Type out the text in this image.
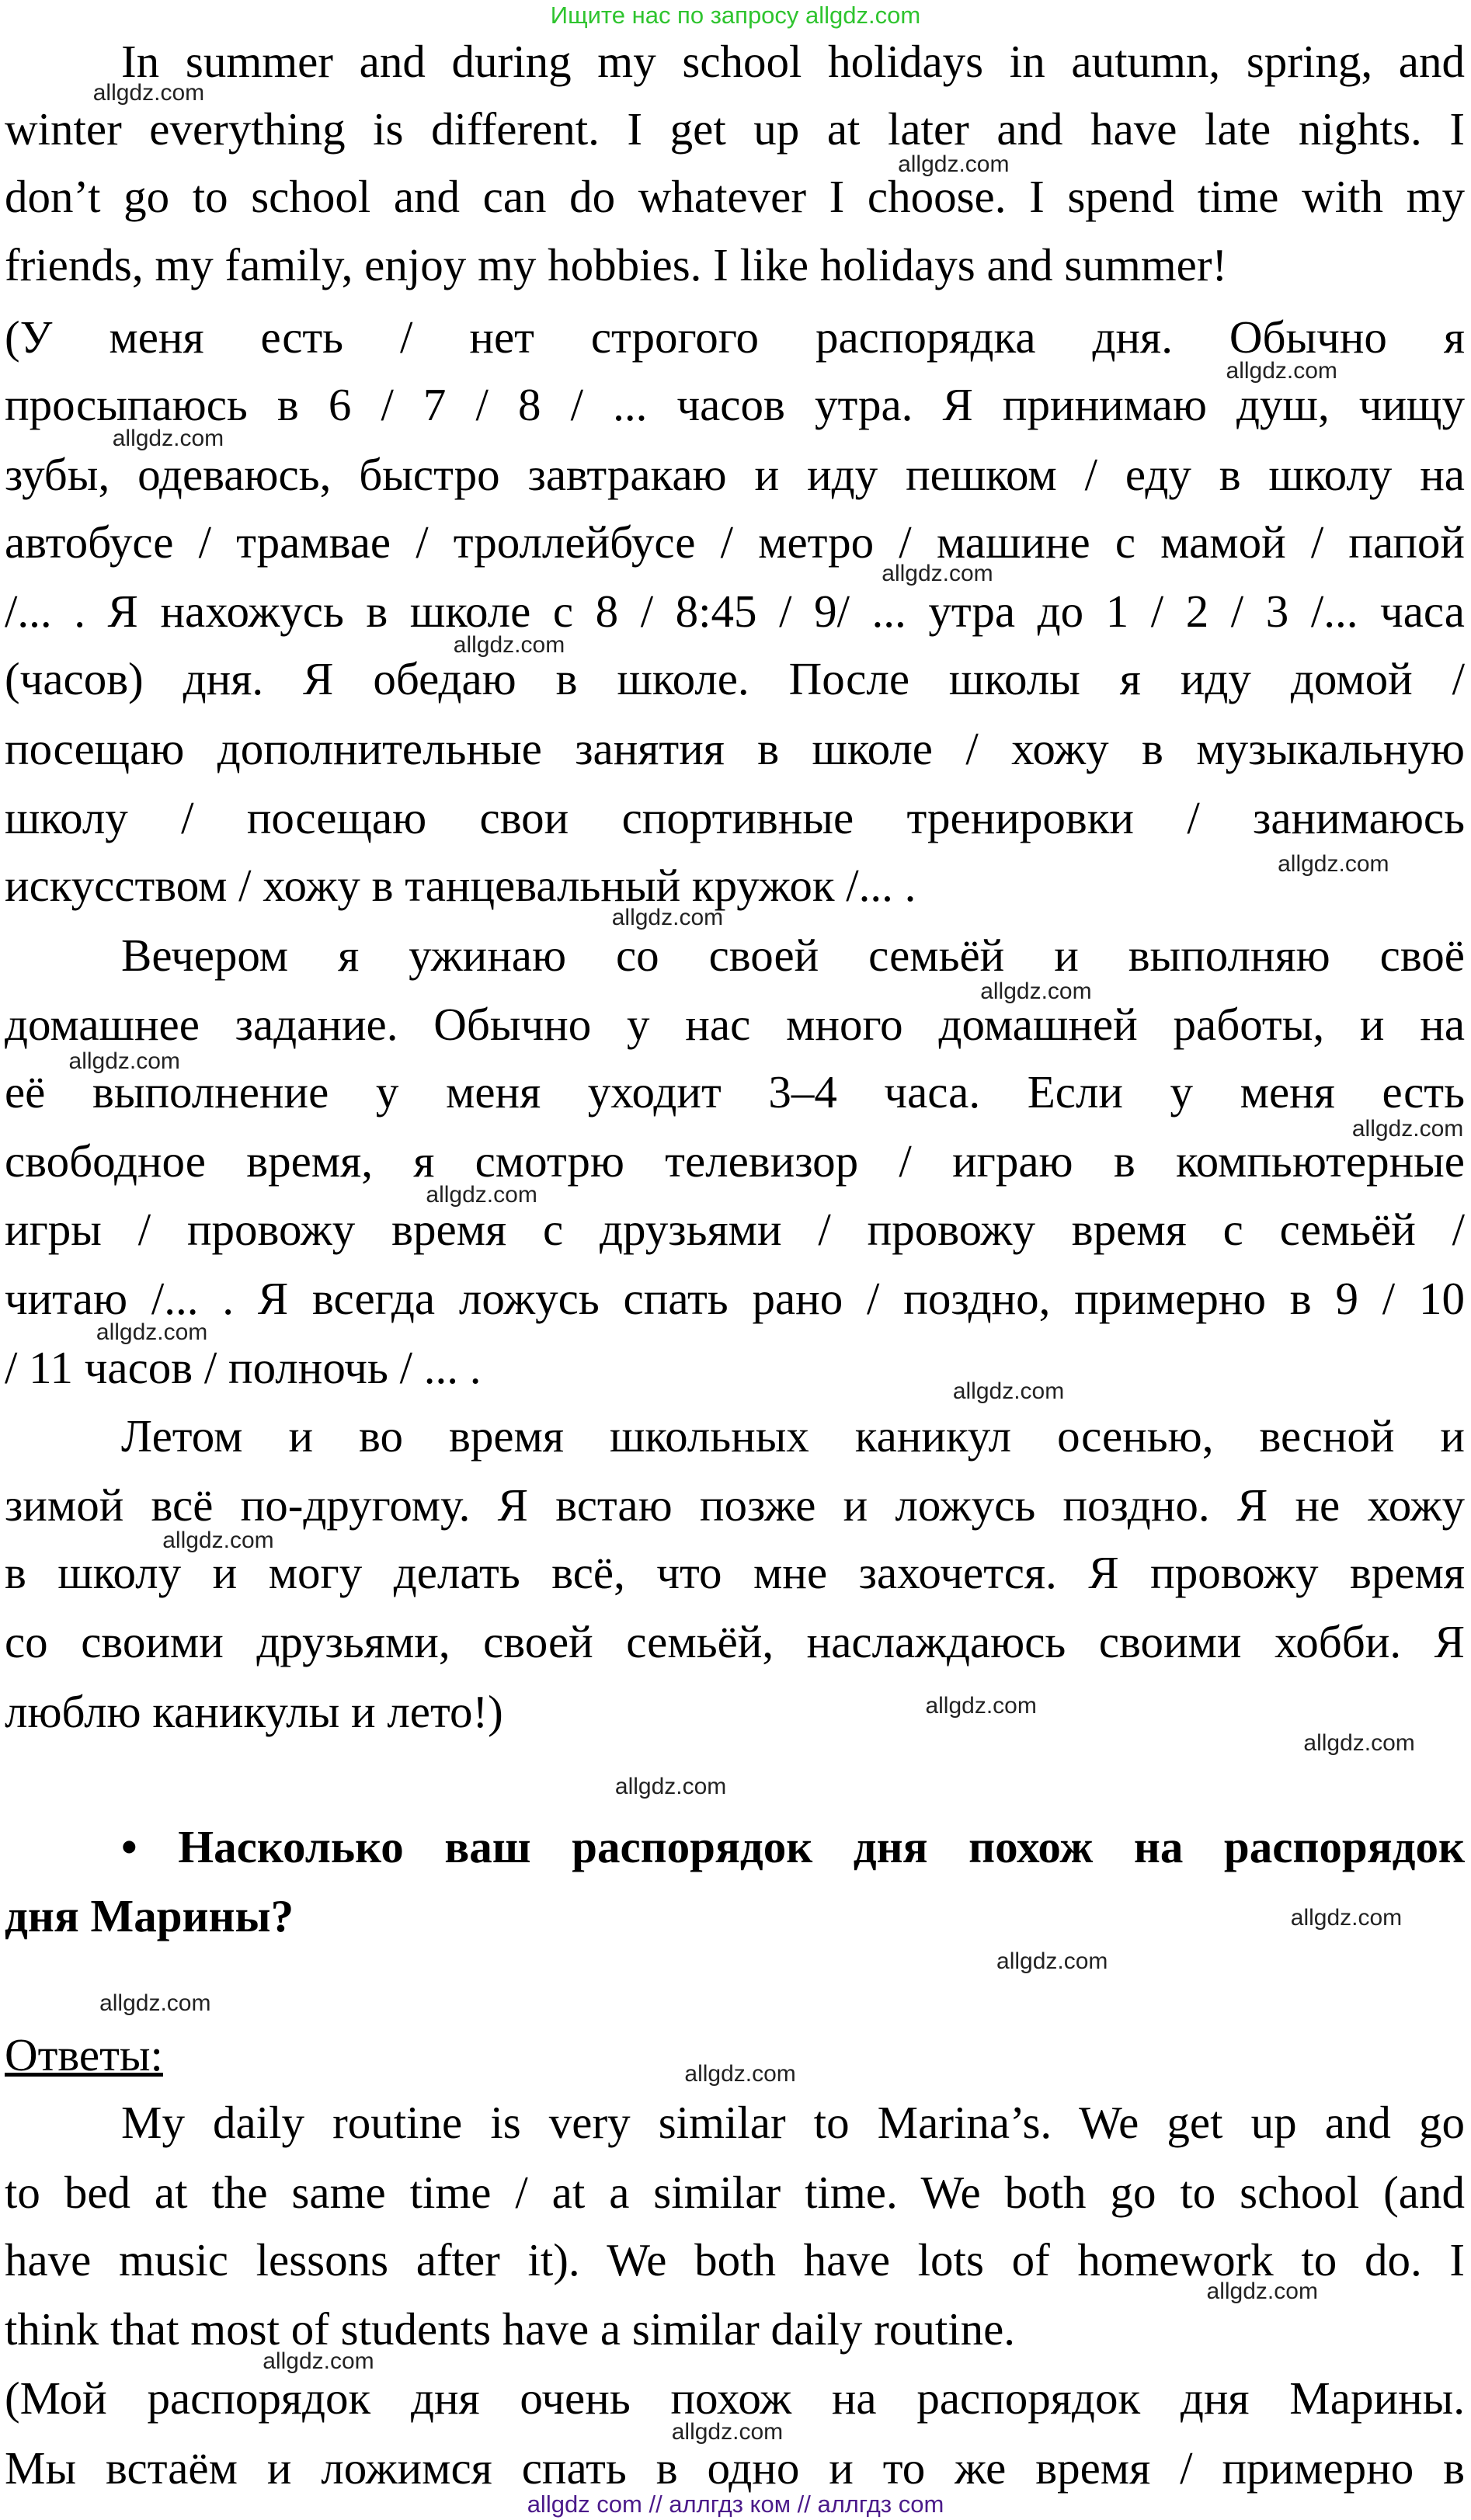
Ищите нас по запросу allgdz.com
In summer and during my school holidays in autumn, spring, and
winter everything is different. I get up at later and have late nights. I
don’t go to school and can do whatever I choose. I spend time with my
friends, my family, enjoy my hobbies. I like holidays and summer!
(У меня есть / нет строгого распорядка дня. Обычно я
просыпаюсь в 6 / 7 / 8 / ... часов утра. Я принимаю душ, чищу
зубы, одеваюсь, быстро завтракаю и иду пешком / еду в школу на
автобусе / трамвае / троллейбусе / метро / машине с мамой / папой
/... . Я нахожусь в школе с 8 / 8:45 / 9/ ... утра до 1 / 2 / 3 /... часа
(часов) дня. Я обедаю в школе. После школы я иду домой /
посещаю дополнительные занятия в школе / хожу в музыкальную
школу / посещаю свои спортивные тренировки / занимаюсь
искусством / хожу в танцевальный кружок /... .
Вечером я ужинаю со своей семьёй и выполняю своё
домашнее задание. Обычно у нас много домашней работы, и на
её выполнение у меня уходит 3–4 часа. Если у меня есть
свободное время, я смотрю телевизор / играю в компьютерные
игры / провожу время с друзьями / провожу время с семьёй /
читаю /... . Я всегда ложусь спать рано / поздно, примерно в 9 / 10
/ 11 часов / полночь / ... .
Летом и во время школьных каникул осенью, весной и
зимой всё по-другому. Я встаю позже и ложусь поздно. Я не хожу
в школу и могу делать всё, что мне захочется. Я провожу время
со своими друзьями, своей семьёй, наслаждаюсь своими хобби. Я
люблю каникулы и лето!)
• Насколько ваш распорядок дня похож на распорядок
дня Марины?
Ответы:
My daily routine is very similar to Marina’s. We get up and go
to bed at the same time / at a similar time. We both go to school (and
have music lessons after it). We both have lots of homework to do. I
think that most of students have a similar daily routine.
(Мой распорядок дня очень похож на распорядок дня Марины.
Мы встаём и ложимся спать в одно и то же время / примерно в
allgdz.com
allgdz.com
allgdz.com
allgdz.com
allgdz.com
allgdz.com
allgdz.com
allgdz.com
allgdz.com
allgdz.com
allgdz.com
allgdz.com
allgdz.com
allgdz.com
allgdz.com
allgdz.com
allgdz.com
allgdz.com
allgdz.com
allgdz.com
allgdz.com
allgdz.com
allgdz.com
allgdz.com
allgdz.com
allgdz com // аллгдз ком // аллгдз com
